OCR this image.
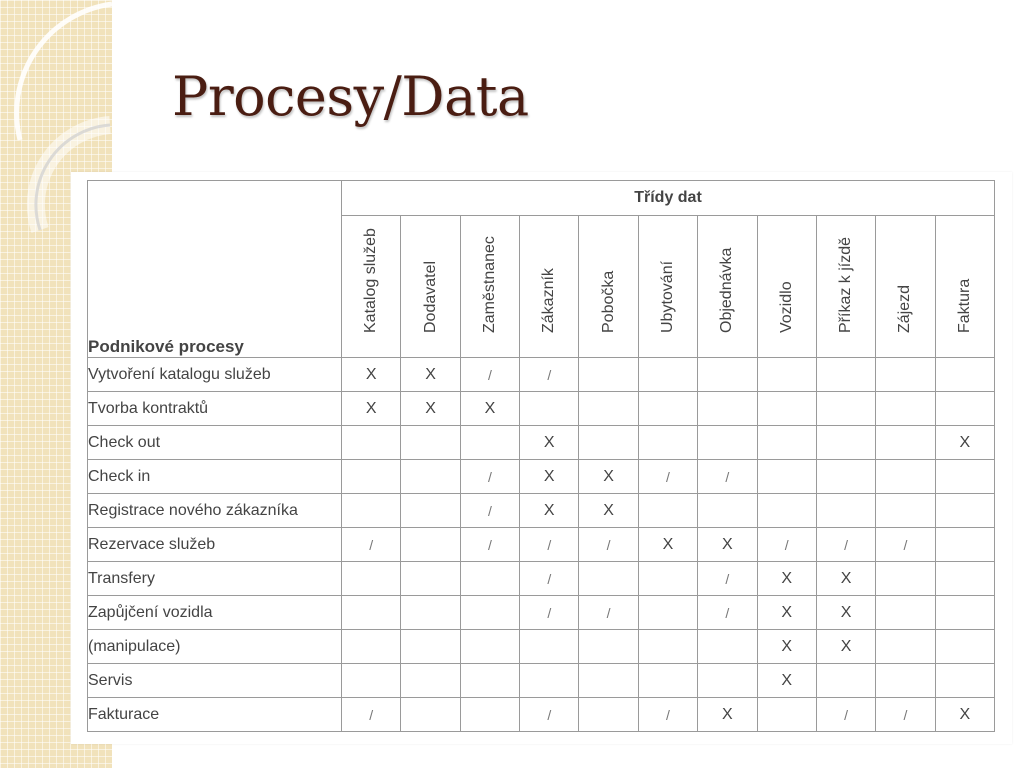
Procesy/Data
Podnikové procesy	Třídy dat										

	Katalog služeb	Dodavatel	Zaměstnanec	Zákazník	Pobočka	Ubytování	Objednávka	Vozidlo	Příkaz k jízdě	Zájezd	Faktura

Vytvoření katalogu služeb	X	X	/	/							
Tvorba kontraktů	X	X	X								
Check out				X							X
Check in			/	X	X	/	/				
Registrace nového zákazníka			/	X	X						
Rezervace služeb	/		/	/	/	X	X	/	/	/	
Transfery				/			/	X	X		
Zapůjčení vozidla				/	/		/	X	X		
(manipulace)								X	X		
Servis								X			
Fakturace	/			/		/	X		/	/	X
